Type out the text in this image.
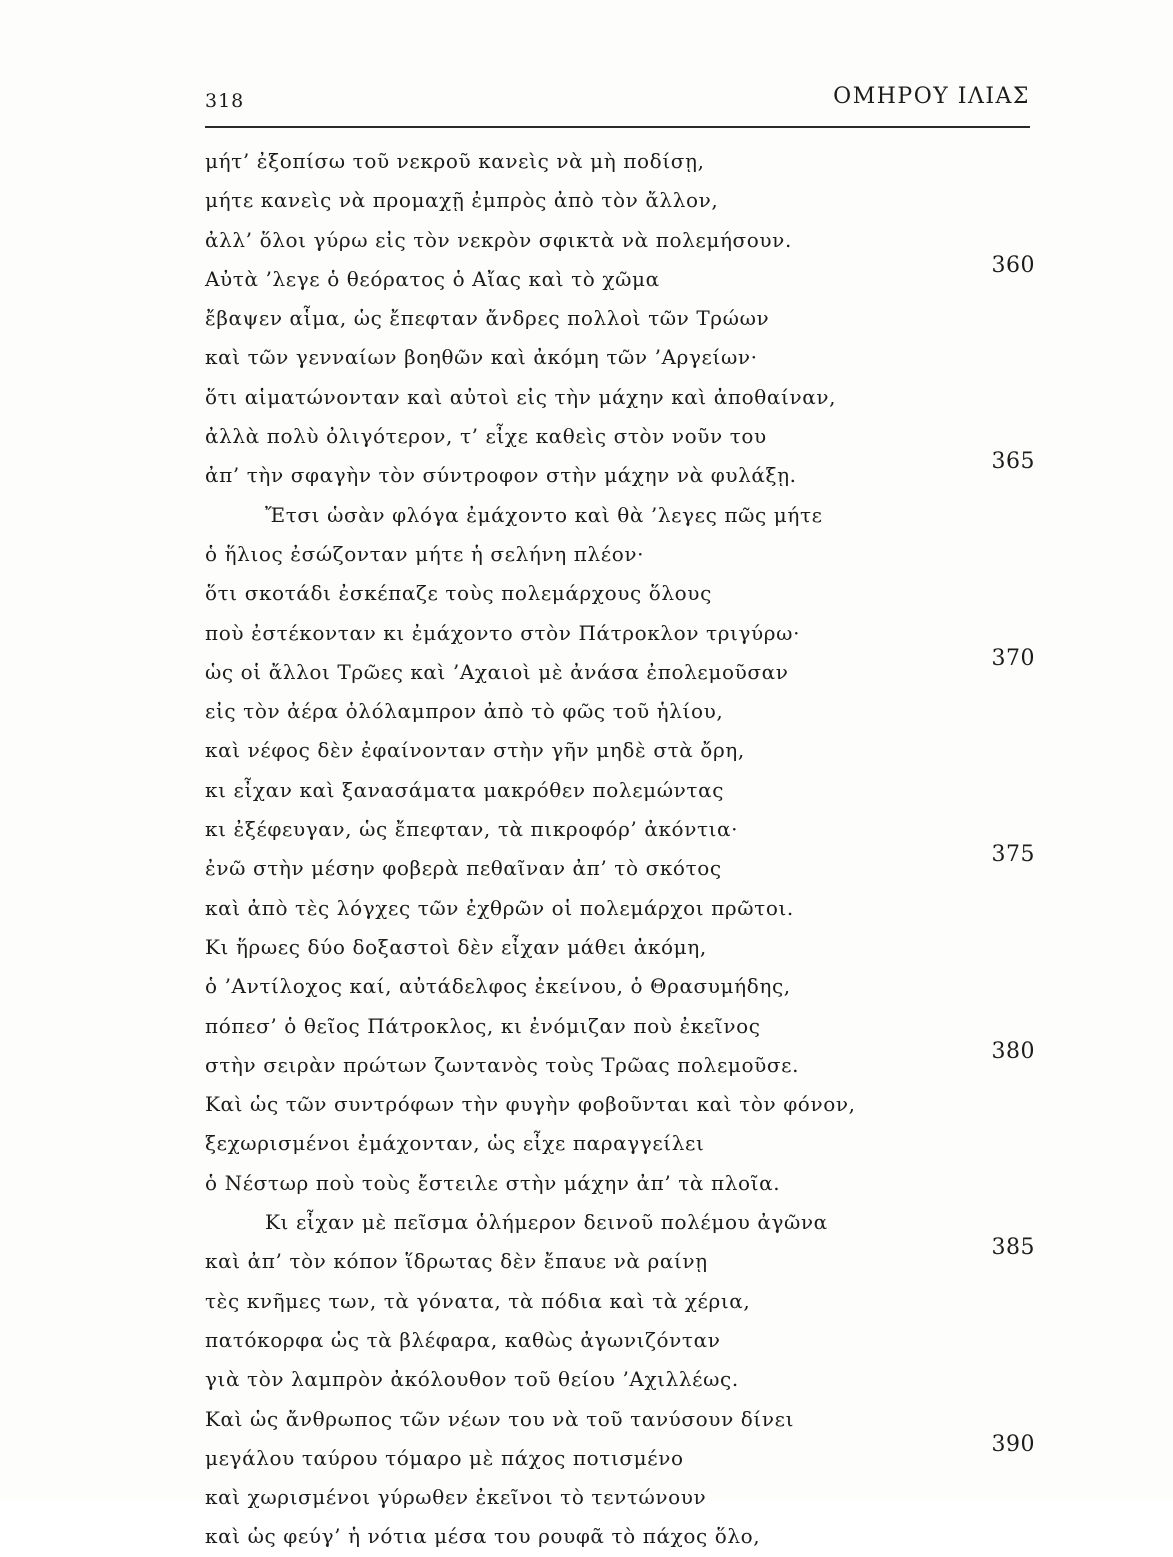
318	ΟΜΗΡΟΥ ΙΛΙΑΣ
μήτ’ ἐξοπίσω τοῦ νεκροῦ κανεὶς νὰ μὴ ποδίσῃ,
μήτε κανεὶς νὰ προμαχῇ ἐμπρὸς ἀπὸ τὸν ἄλλον,
ἀλλ’ ὅλοι γύρω εἰς τὸν νεκρὸν σφικτὰ νὰ πολεμήσουν.
Αὐτὰ ’λεγε ὁ θεόρατος ὁ Αἴας καὶ τὸ χῶμα
360
ἔβαψεν αἷμα, ὡς ἔπεφταν ἄνδρες πολλοὶ τῶν Τρώων
καὶ τῶν γενναίων βοηθῶν καὶ ἀκόμη τῶν ’Αργείων·
ὅτι αἱματώνονταν καὶ αὐτοὶ εἰς τὴν μάχην καὶ ἀποθαίναν,
ἀλλὰ πολὺ ὀλιγότερον, τ’ εἶχε καθεὶς στὸν νοῦν του
ἀπ’ τὴν σφαγὴν τὸν σύντροφον στὴν μάχην νὰ φυλάξῃ.
365
Ἔτσι ὡσὰν φλόγα ἐμάχοντο καὶ θὰ ’λεγες πῶς μήτε
ὁ ἥλιος ἐσώζονταν μήτε ἡ σελήνη πλέον·
ὅτι σκοτάδι ἐσκέπαζε τοὺς πολεμάρχους ὅλους
ποὺ ἐστέκονταν κι ἐμάχοντο στὸν Πάτροκλον τριγύρω·
ὡς οἱ ἄλλοι Τρῶες καὶ ’Αχαιοὶ μὲ ἀνάσα ἐπολεμοῦσαν
370
εἰς τὸν ἀέρα ὁλόλαμπρον ἀπὸ τὸ φῶς τοῦ ἡλίου,
καὶ νέφος δὲν ἐφαίνονταν στὴν γῆν μηδὲ στὰ ὄρη,
κι εἶχαν καὶ ξανασάματα μακρόθεν πολεμώντας
κι ἐξέφευγαν, ὡς ἔπεφταν, τὰ πικροφόρ’ ἀκόντια·
ἐνῶ στὴν μέσην φοβερὰ πεθαῖναν ἀπ’ τὸ σκότος
375
καὶ ἀπὸ τὲς λόγχες τῶν ἐχθρῶν οἱ πολεμάρχοι πρῶτοι.
Κι ἥρωες δύο δοξαστοὶ δὲν εἶχαν μάθει ἀκόμη,
ὁ ’Αντίλοχος καί, αὐτάδελφος ἐκείνου, ὁ Θρασυμήδης,
πόπεσ’ ὁ θεῖος Πάτροκλος, κι ἐνόμιζαν ποὺ ἐκεῖνος
στὴν σειρὰν πρώτων ζωντανὸς τοὺς Τρῶας πολεμοῦσε.
380
Καὶ ὡς τῶν συντρόφων τὴν φυγὴν φοβοῦνται καὶ τὸν φόνον,
ξεχωρισμένοι ἐμάχονταν, ὡς εἶχε παραγγείλει
ὁ Νέστωρ ποὺ τοὺς ἔστειλε στὴν μάχην ἀπ’ τὰ πλοῖα.
Κι εἶχαν μὲ πεῖσμα ὁλήμερον δεινοῦ πολέμου ἀγῶνα
καὶ ἀπ’ τὸν κόπον ἵδρωτας δὲν ἔπαυε νὰ ραίνῃ
385
τὲς κνῆμες των, τὰ γόνατα, τὰ πόδια καὶ τὰ χέρια,
πατόκορφα ὡς τὰ βλέφαρα, καθὼς ἀγωνιζόνταν
γιὰ τὸν λαμπρὸν ἀκόλουθον τοῦ θείου ’Αχιλλέως.
Καὶ ὡς ἄνθρωπος τῶν νέων του νὰ τοῦ τανύσουν δίνει
μεγάλου ταύρου τόμαρο μὲ πάχος ποτισμένο
390
καὶ χωρισμένοι γύρωθεν ἐκεῖνοι τὸ τεντώνουν
καὶ ὡς φεύγ’ ἡ νότια μέσα του ρουφᾶ τὸ πάχος ὅλο,
